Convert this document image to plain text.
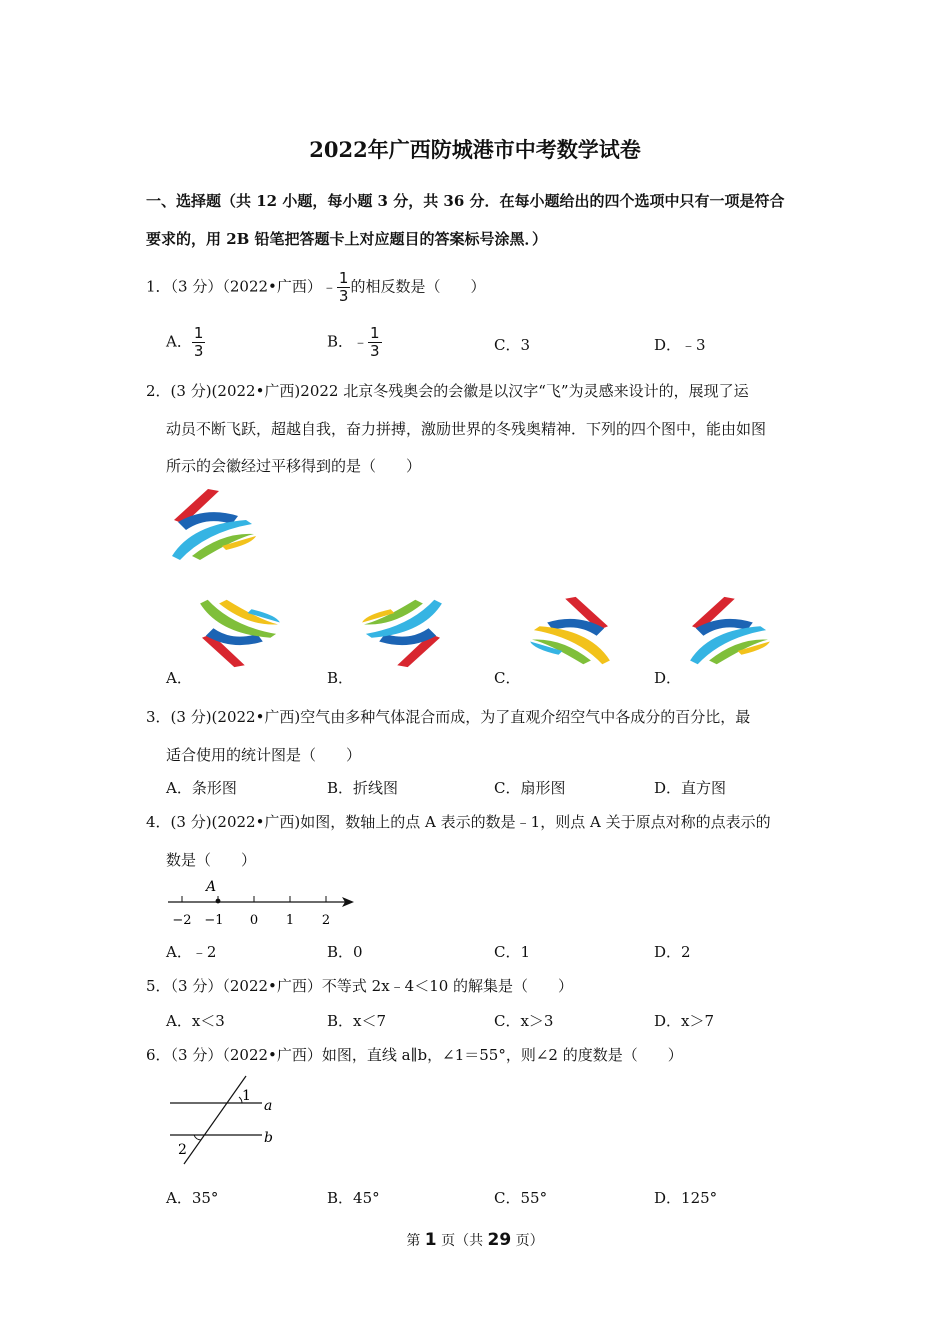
2022年广西防城港市中考数学试卷
一、选择题（共 12 小题，每小题 3 分，共 36 分．在每小题给出的四个选项中只有一项是符合
要求的，用 2B 铅笔把答题卡上对应题目的答案标号涂黑．）
1．（3 分）（2022•广西）﹣ $\frac{1}{3}$ 的相反数是（　　）
A． $\frac{1}{3}$	B．﹣ $\frac{1}{3}$	C．3	D．﹣3
2．(3 分)(2022•广西)2022 北京冬残奥会的会徽是以汉字“飞”为灵感来设计的，展现了运
动员不断飞跃，超越自我，奋力拼搏，激励世界的冬残奥精神．下列的四个图中，能由如图
所示的会徽经过平移得到的是（　　）
A．	B．	C．	D．
3．(3 分)(2022•广西)空气由多种气体混合而成，为了直观介绍空气中各成分的百分比，最
适合使用的统计图是（　　）
A．条形图	B．折线图	C．扇形图	D．直方图
4．(3 分)(2022•广西)如图，数轴上的点 A 表示的数是﹣1，则点 A 关于原点对称的点表示的
数是（　　）
A
−2 −1 0 1 2
A．﹣2	B．0	C．1	D．2
5．（3 分）（2022•广西）不等式 2x﹣4＜10 的解集是（　　）
A．x＜3	B．x＜7	C．x＞3	D．x＞7
6．（3 分）（2022•广西）如图，直线 a∥b，∠1＝55°，则∠2 的度数是（　　）
1
2
a
b
A．35°	B．45°	C．55°	D．125°
第 1 页（共 29 页）
